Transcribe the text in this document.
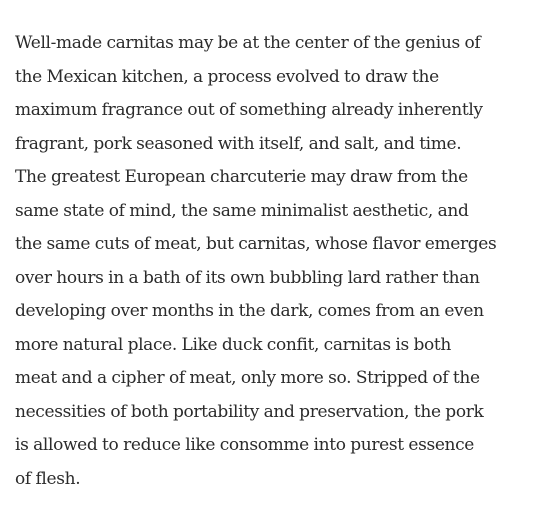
Well-made carnitas may be at the center of the genius of
the Mexican kitchen, a process evolved to draw the
maximum fragrance out of something already inherently
fragrant, pork seasoned with itself, and salt, and time.
The greatest European charcuterie may draw from the
same state of mind, the same minimalist aesthetic, and
the same cuts of meat, but carnitas, whose flavor emerges
over hours in a bath of its own bubbling lard rather than
developing over months in the dark, comes from an even
more natural place. Like duck confit, carnitas is both
meat and a cipher of meat, only more so. Stripped of the
necessities of both portability and preservation, the pork
is allowed to reduce like consomme into purest essence
of flesh.
